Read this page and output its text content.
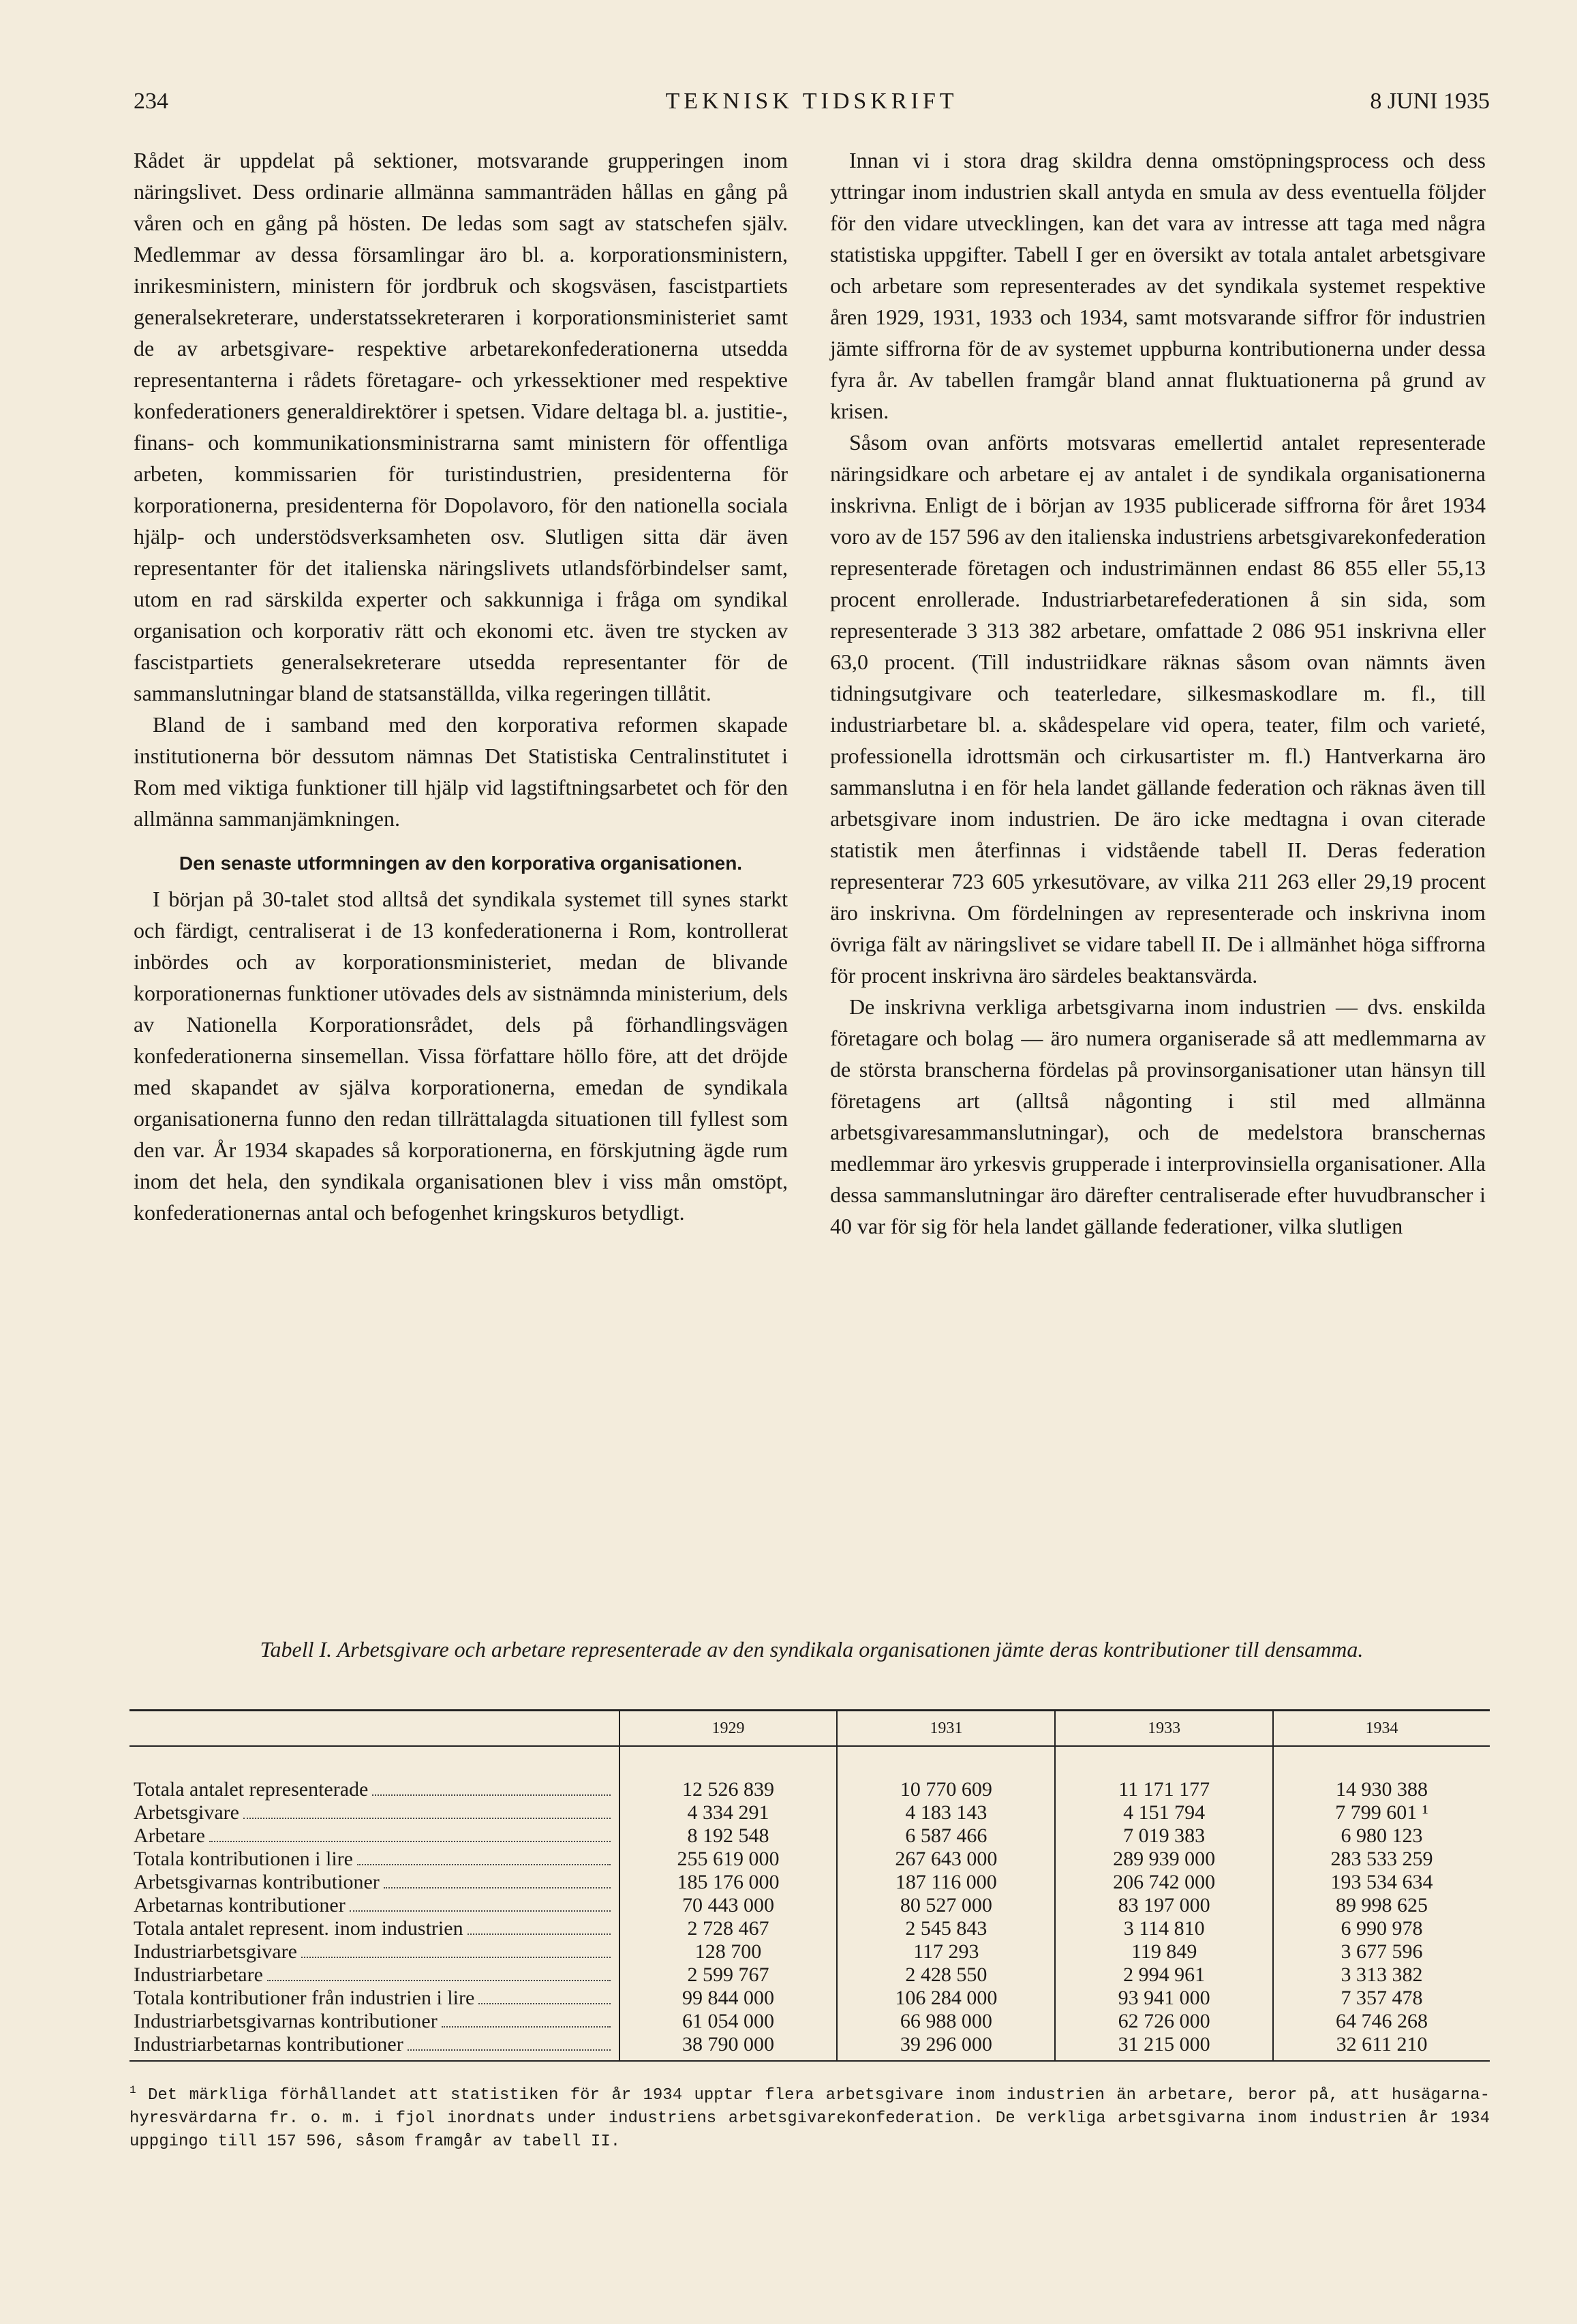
TEKNISK TIDSKRIFT
234	8 JUNI 1935

Rådet är uppdelat på sektioner, motsvarande grupperingen inom näringslivet. Dess ordinarie allmänna sammanträden hållas en gång på våren och en gång på hösten. De ledas som sagt av statschefen själv. Medlemmar av dessa församlingar äro bl. a. korporationsministern, inrikesministern, ministern för jordbruk och skogsväsen, fascistpartiets generalsekreterare, understatssekreteraren i korporationsministeriet samt de av arbetsgivare- respektive arbetarekonfederationerna utsedda representanterna i rådets företagare- och yrkessektioner med respektive konfederationers generaldirektörer i spetsen. Vidare deltaga bl. a. justitie-, finans- och kommunikationsministrarna samt ministern för offentliga arbeten, kommissarien för turistindustrien, presidenterna för korporationerna, presidenterna för Dopolavoro, för den nationella sociala hjälp- och understödsverksamheten osv. Slutligen sitta där även representanter för det italienska näringslivets utlandsförbindelser samt, utom en rad särskilda experter och sakkunniga i fråga om syndikal organisation och korporativ rätt och ekonomi etc. även tre stycken av fascistpartiets generalsekreterare utsedda representanter för de sammanslutningar bland de statsanställda, vilka regeringen tillåtit.

Bland de i samband med den korporativa reformen skapade institutionerna bör dessutom nämnas Det Statistiska Centralinstitutet i Rom med viktiga funktioner till hjälp vid lagstiftningsarbetet och för den allmänna sammanjämkningen.

Den senaste utformningen av den korporativa organisationen.

I början på 30-talet stod alltså det syndikala systemet till synes starkt och färdigt, centraliserat i de 13 konfederationerna i Rom, kontrollerat inbördes och av korporationsministeriet, medan de blivande korporationernas funktioner utövades dels av sistnämnda ministerium, dels av Nationella Korporationsrådet, dels på förhandlingsvägen konfederationerna sinsemellan. Vissa författare höllo före, att det dröjde med skapandet av själva korporationerna, emedan de syndikala organisationerna funno den redan tillrättalagda situationen till fyllest som den var. År 1934 skapades så korporationerna, en förskjutning ägde rum inom det hela, den syndikala organisationen blev i viss mån omstöpt, konfederationernas antal och befogenhet kringskuros betydligt.

Innan vi i stora drag skildra denna omstöpningsprocess och dess yttringar inom industrien skall antyda en smula av dess eventuella följder för den vidare utvecklingen, kan det vara av intresse att taga med några statistiska uppgifter. Tabell I ger en översikt av totala antalet arbetsgivare och arbetare som representerades av det syndikala systemet respektive åren 1929, 1931, 1933 och 1934, samt motsvarande siffror för industrien jämte siffrorna för de av systemet uppburna kontributionerna under dessa fyra år. Av tabellen framgår bland annat fluktuationerna på grund av krisen.

Såsom ovan anförts motsvaras emellertid antalet representerade näringsidkare och arbetare ej av antalet i de syndikala organisationerna inskrivna. Enligt de i början av 1935 publicerade siffrorna för året 1934 voro av de 157 596 av den italienska industriens arbetsgivarekonfederation representerade företagen och industrimännen endast 86 855 eller 55,13 procent enrollerade. Industriarbetarefederationen å sin sida, som representerade 3 313 382 arbetare, omfattade 2 086 951 inskrivna eller 63,0 procent. (Till industriidkare räknas såsom ovan nämnts även tidningsutgivare och teaterledare, silkesmaskodlare m. fl., till industriarbetare bl. a. skådespelare vid opera, teater, film och varieté, professionella idrottsmän och cirkusartister m. fl.) Hantverkarna äro sammanslutna i en för hela landet gällande federation och räknas även till arbetsgivare inom industrien. De äro icke medtagna i ovan citerade statistik men återfinnas i vidstående tabell II. Deras federation representerar 723 605 yrkesutövare, av vilka 211 263 eller 29,19 procent äro inskrivna. Om fördelningen av representerade och inskrivna inom övriga fält av näringslivet se vidare tabell II. De i allmänhet höga siffrorna för procent inskrivna äro särdeles beaktansvärda.

De inskrivna verkliga arbetsgivarna inom industrien — dvs. enskilda företagare och bolag — äro numera organiserade så att medlemmarna av de största branscherna fördelas på provinsorganisationer utan hänsyn till företagens art (alltså någonting i stil med allmänna arbetsgivaresammanslutningar), och de medelstora branschernas medlemmar äro yrkesvis grupperade i interprovinsiella organisationer. Alla dessa sammanslutningar äro därefter centraliserade efter huvudbranscher i 40 var för sig för hela landet gällande federationer, vilka slutligen

Tabell I. Arbetsgivare och arbetare representerade av den syndikala organisationen jämte deras kontributioner till densamma.
	1929	1931	1933	1934

Totala antalet representerade	12 526 839	10 770 609	11 171 177	14 930 388

Arbetsgivare	4 334 291	4 183 143	4 151 794	7 799 601 ¹

Arbetare	8 192 548	6 587 466	7 019 383	6 980 123

Totala kontributionen i lire	255 619 000	267 643 000	289 939 000	283 533 259

Arbetsgivarnas kontributioner	185 176 000	187 116 000	206 742 000	193 534 634

Arbetarnas kontributioner	70 443 000	80 527 000	83 197 000	89 998 625

Totala antalet represent. inom industrien	2 728 467	2 545 843	3 114 810	6 990 978

Industriarbetsgivare	128 700	117 293	119 849	3 677 596

Industriarbetare	2 599 767	2 428 550	2 994 961	3 313 382

Totala kontributioner från industrien i lire	99 844 000	106 284 000	93 941 000	7 357 478

Industriarbetsgivarnas kontributioner	61 054 000	66 988 000	62 726 000	64 746 268

Industriarbetarnas kontributioner	38 790 000	39 296 000	31 215 000	32 611 210
$^1$ Det märkliga förhållandet att statistiken för år 1934 upptar flera arbetsgivare inom industrien än arbetare, beror på, att husägarna-hyresvärdarna fr. o. m. i fjol inordnats under industriens arbetsgivarekonfederation. De verkliga arbetsgivarna inom industrien år 1934 uppgingo till 157 596, såsom framgår av tabell II.
